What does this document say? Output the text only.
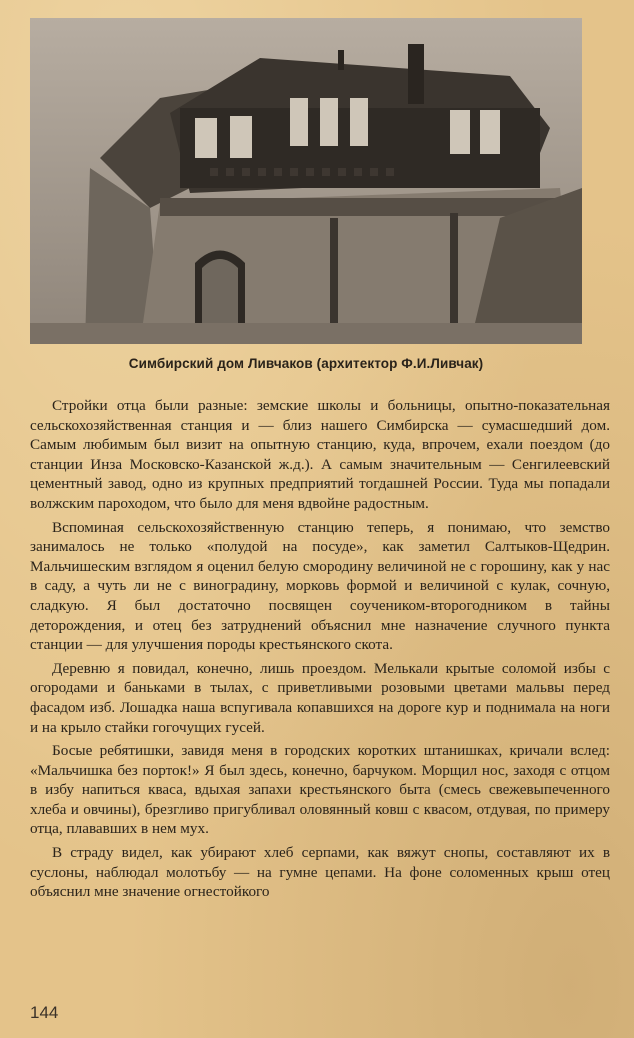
Симбирский дом Ливчаков (архитектор Ф.И.Ливчак)

Стройки отца были разные: земские школы и больницы, опытно-показательная сельскохозяйственная станция и — близ нашего Симбирска — сумасшедший дом. Самым любимым был визит на опытную станцию, куда, впрочем, ехали поездом (до станции Инза Московско-Казанской ж.д.). А самым значительным — Сенгилеевский цементный завод, одно из крупных предприятий тогдашней России. Туда мы попадали волжским пароходом, что было для меня вдвойне радостным.

Вспоминая сельскохозяйственную станцию теперь, я понимаю, что земство занималось не только «полудой на посуде», как заметил Салтыков-Щедрин. Мальчишеским взглядом я оценил белую смородину величиной не с горошину, как у нас в саду, а чуть ли не с виноградину, морковь формой и величиной с кулак, сочную, сладкую. Я был достаточно посвящен соучеником-второгодником в тайны деторождения, и отец без затруднений объяснил мне назначение случного пункта станции — для улучшения породы крестьянского скота.

Деревню я повидал, конечно, лишь проездом. Мелькали крытые соломой избы с огородами и баньками в тылах, с приветливыми розовыми цветами мальвы перед фасадом изб. Лошадка наша вспугивала копавшихся на дороге кур и поднимала на ноги и на крыло стайки гогочущих гусей.

Босые ребятишки, завидя меня в городских коротких штанишках, кричали вслед: «Мальчишка без порток!» Я был здесь, конечно, барчуком. Морщил нос, заходя с отцом в избу напиться кваса, вдыхая запахи крестьянского быта (смесь свежевыпеченного хлеба и овчины), брезгливо пригубливал оловянный ковш с квасом, отдувая, по примеру отца, плававших в нем мух.

В страду видел, как убирают хлеб серпами, как вяжут снопы, составляют их в суслоны, наблюдал молотьбу — на гумне цепами. На фоне соломенных крыш отец объяснил мне значение огнестойкого

144
